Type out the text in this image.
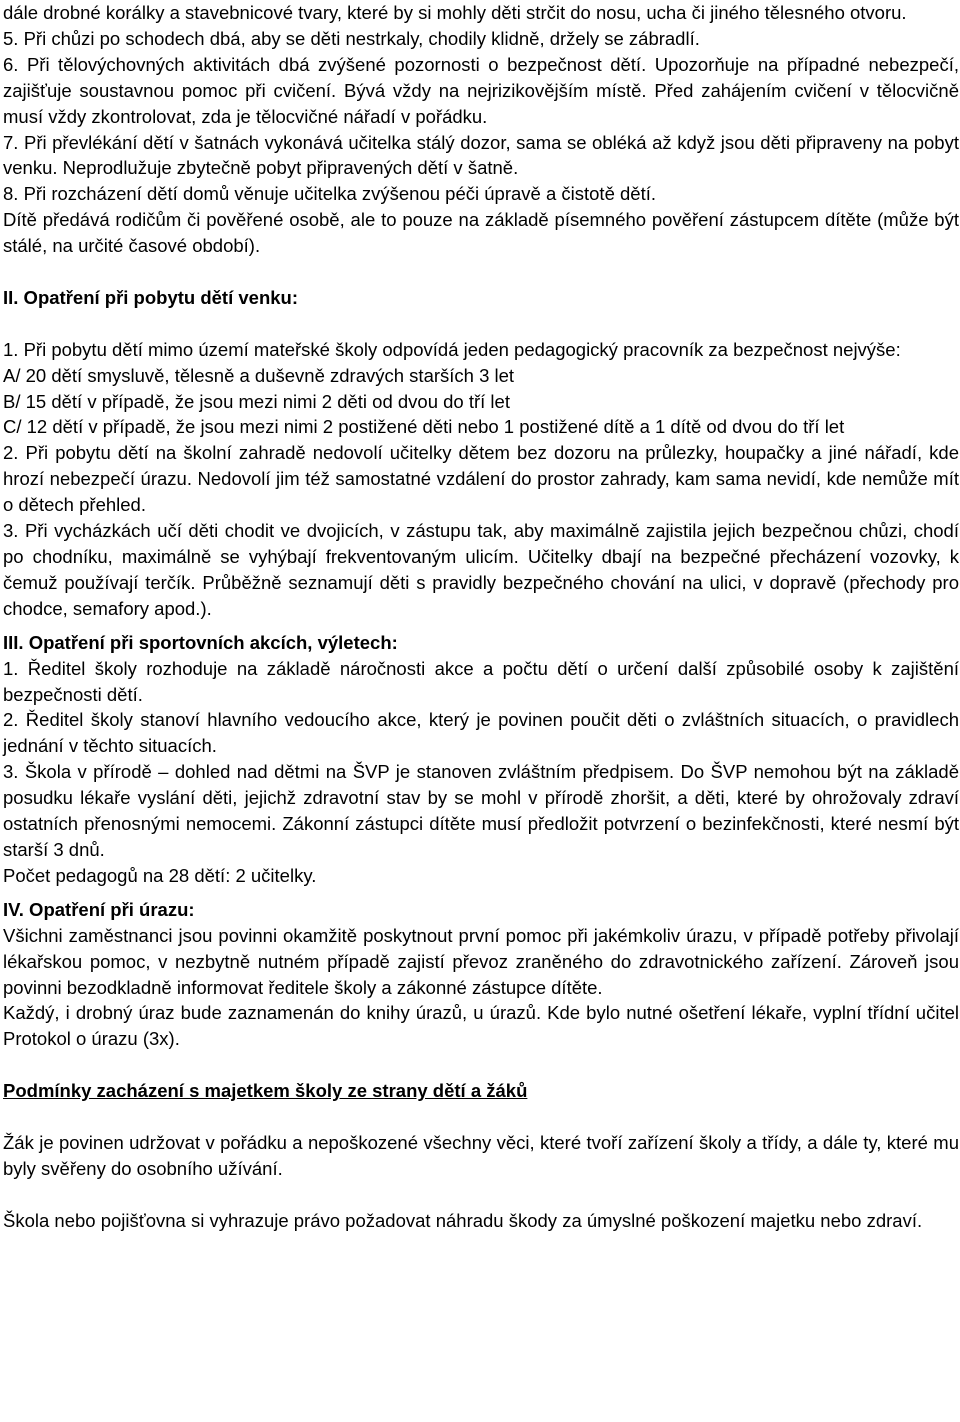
dále drobné korálky a stavebnicové tvary, které by si mohly děti strčit do nosu, ucha či jiného tělesného otvoru.

5. Při chůzi po schodech dbá, aby se děti nestrkaly, chodily klidně, držely se zábradlí.

6. Při tělovýchovných aktivitách dbá zvýšené pozornosti o bezpečnost dětí. Upozorňuje na případné nebezpečí, zajišťuje soustavnou pomoc při cvičení. Bývá vždy na nejrizikovějším místě. Před zahájením cvičení v tělocvičně musí vždy zkontrolovat, zda je tělocvičné nářadí v pořádku.

7. Při převlékání dětí v šatnách vykonává učitelka stálý dozor, sama se obléká až když jsou děti připraveny na pobyt venku. Neprodlužuje zbytečně pobyt připravených dětí v šatně.

8. Při rozcházení dětí domů věnuje učitelka zvýšenou péči úpravě a čistotě dětí.

Dítě předává rodičům či pověřené osobě, ale to pouze na základě písemného pověření zástupcem dítěte (může být stálé, na určité časové období).

II. Opatření při pobytu dětí venku:

1. Při pobytu dětí mimo území mateřské školy odpovídá jeden pedagogický pracovník za bezpečnost nejvýše:

A/ 20 dětí smysluvě, tělesně a duševně zdravých starších 3 let

B/ 15 dětí v případě, že jsou mezi nimi 2 děti od dvou do tří let

C/ 12 dětí v případě, že jsou mezi nimi 2 postižené děti nebo 1 postižené dítě a 1 dítě od dvou do tří let

2. Při pobytu dětí na školní zahradě nedovolí učitelky dětem bez dozoru na průlezky, houpačky a jiné nářadí, kde hrozí nebezpečí úrazu. Nedovolí jim též samostatné vzdálení do prostor zahrady, kam sama nevidí, kde nemůže mít o dětech přehled.

3. Při vycházkách učí děti chodit ve dvojicích, v zástupu tak, aby maximálně zajistila jejich bezpečnou chůzi, chodí po chodníku, maximálně se vyhýbají frekventovaným ulicím. Učitelky dbají na bezpečné přecházení vozovky, k čemuž používají terčík. Průběžně seznamují děti s pravidly bezpečného chování na ulici, v dopravě (přechody pro chodce, semafory apod.).

III. Opatření při sportovních akcích, výletech:

1. Ředitel školy rozhoduje na základě náročnosti akce a počtu dětí o určení další způsobilé osoby k zajištění bezpečnosti dětí.

2. Ředitel školy stanoví hlavního vedoucího akce, který je povinen poučit děti o zvláštních situacích, o pravidlech jednání v těchto situacích.

3. Škola v přírodě – dohled nad dětmi na ŠVP je stanoven zvláštním předpisem. Do ŠVP nemohou být na základě posudku lékaře vyslání děti, jejichž zdravotní stav by se mohl v přírodě zhoršit, a děti, které by ohrožovaly zdraví ostatních přenosnými nemocemi. Zákonní zástupci dítěte musí předložit potvrzení o bezinfekčnosti, které nesmí být starší 3 dnů.

Počet pedagogů na 28 dětí: 2 učitelky.

IV. Opatření při úrazu:

Všichni zaměstnanci jsou povinni okamžitě poskytnout první pomoc při jakémkoliv úrazu, v případě potřeby přivolají lékařskou pomoc, v nezbytně nutném případě zajistí převoz zraněného do zdravotnického zařízení. Zároveň jsou povinni bezodkladně informovat ředitele školy a zákonné zástupce dítěte.

Každý, i drobný úraz bude zaznamenán do knihy úrazů, u úrazů. Kde bylo nutné ošetření lékaře, vyplní třídní učitel Protokol o úrazu (3x).

Podmínky zacházení s majetkem školy ze strany dětí a žáků

Žák je povinen udržovat v pořádku a nepoškozené všechny věci, které tvoří zařízení školy a třídy, a dále ty, které mu byly svěřeny do osobního užívání.

Škola nebo pojišťovna si vyhrazuje právo požadovat náhradu škody za úmyslné poškození majetku nebo zdraví.
